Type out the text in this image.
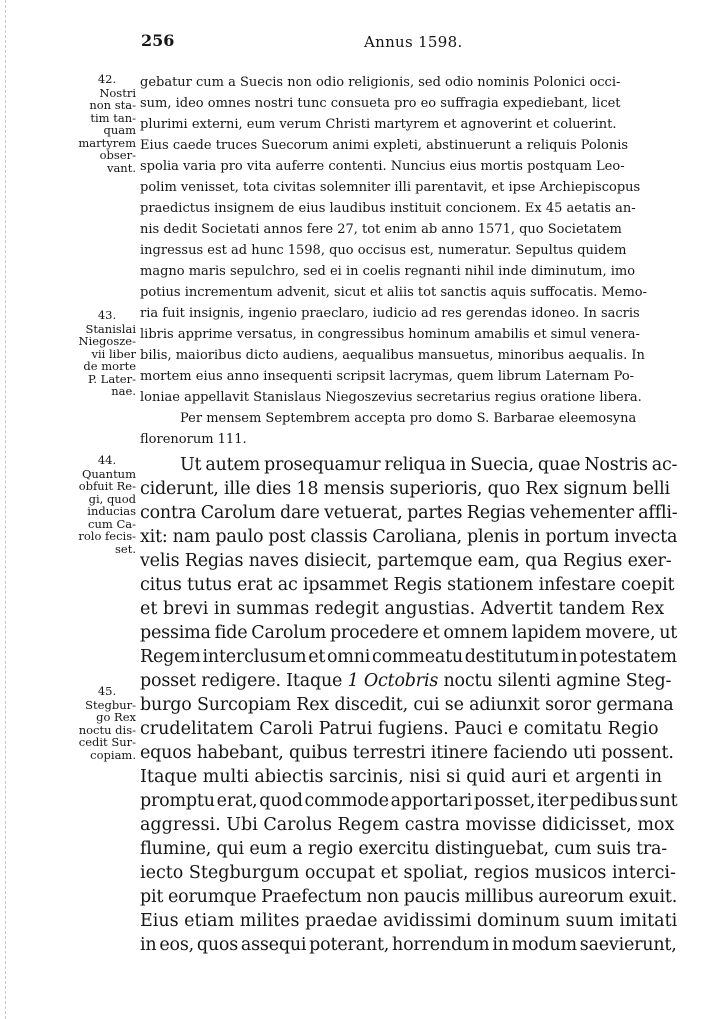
256	Annus 1598.
42.
Nostri
non sta-
tim tan-
quam
martyrem
obser-
vant.
43.
Stanislai
Niegosze-
vii liber
de morte
P. Later-
nae.
44.
Quantum
obfuit Re-
gi, quod
inducias
cum Ca-
rolo fecis-
set.
45.
Stegbur-
go Rex
noctu dis-
cedit Sur-
copiam.
gebatur cum a Suecis non odio religionis, sed odio nominis Polonici occi-
sum, ideo omnes nostri tunc consueta pro eo suffragia expediebant, licet
plurimi externi, eum verum Christi martyrem et agnoverint et coluerint.
Eius caede truces Suecorum animi expleti, abstinuerunt a reliquis Polonis
spolia varia pro vita auferre contenti. Nuncius eius mortis postquam Leo-
polim venisset, tota civitas solemniter illi parentavit, et ipse Archiepiscopus
praedictus insignem de eius laudibus instituit concionem. Ex 45 aetatis an-
nis dedit Societati annos fere 27, tot enim ab anno 1571, quo Societatem
ingressus est ad hunc 1598, quo occisus est, numeratur. Sepultus quidem
magno maris sepulchro, sed ei in coelis regnanti nihil inde diminutum, imo
potius incrementum advenit, sicut et aliis tot sanctis aquis suffocatis. Memo-
ria fuit insignis, ingenio praeclaro, iudicio ad res gerendas idoneo. In sacris
libris apprime versatus, in congressibus hominum amabilis et simul venera-
bilis, maioribus dicto audiens, aequalibus mansuetus, minoribus aequalis. In
mortem eius anno insequenti scripsit lacrymas, quem librum Laternam Po-
loniae appellavit Stanislaus Niegoszevius secretarius regius oratione libera.
Per mensem Septembrem accepta pro domo S. Barbarae eleemosyna
florenorum 111.
Ut autem prosequamur reliqua in Suecia, quae Nostris ac-
ciderunt, ille dies 18 mensis superioris, quo Rex signum belli
contra Carolum dare vetuerat, partes Regias vehementer affli-
xit: nam paulo post classis Caroliana, plenis in portum invecta
velis Regias naves disiecit, partemque eam, qua Regius exer-
citus tutus erat ac ipsammet Regis stationem infestare coepit
et brevi in summas redegit angustias. Advertit tandem Rex
pessima fide Carolum procedere et omnem lapidem movere, ut
Regem interclusum et omni commeatu destitutum in potestatem
posset redigere. Itaque 1 Octobris noctu silenti agmine Steg-
burgo Surcopiam Rex discedit, cui se adiunxit soror germana
crudelitatem Caroli Patrui fugiens. Pauci e comitatu Regio
equos habebant, quibus terrestri itinere faciendo uti possent.
Itaque multi abiectis sarcinis, nisi si quid auri et argenti in
promptu erat, quod commode apportari posset, iter pedibus sunt
aggressi. Ubi Carolus Regem castra movisse didicisset, mox
flumine, qui eum a regio exercitu distinguebat, cum suis tra-
iecto Stegburgum occupat et spoliat, regios musicos interci-
pit eorumque Praefectum non paucis millibus aureorum exuit.
Eius etiam milites praedae avidissimi dominum suum imitati
in eos, quos assequi poterant, horrendum in modum saevierunt,
